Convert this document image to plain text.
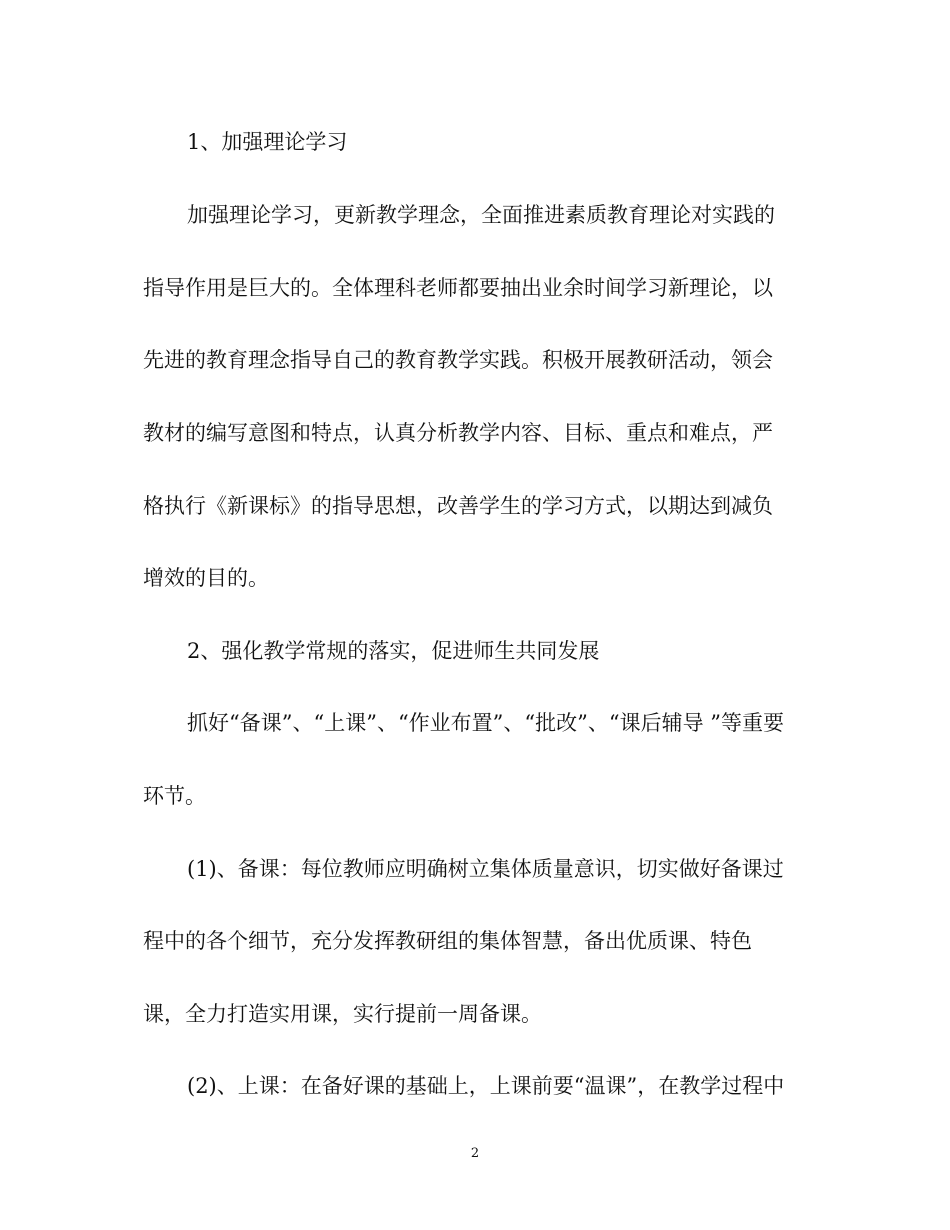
1、加强理论学习
加强理论学习，更新教学理念，全面推进素质教育理论对实践的
指导作用是巨大的。全体理科老师都要抽出业余时间学习新理论，以
先进的教育理念指导自己的教育教学实践。积极开展教研活动，领会
教材的编写意图和特点，认真分析教学内容、目标、重点和难点，严
格执行《新课标》的指导思想，改善学生的学习方式，以期达到减负
增效的目的。
2、强化教学常规的落实，促进师生共同发展
抓好“备课”、“上课”、“作业布置”、“批改”、“课后辅导 ”等重要
环节。
(1)、备课：每位教师应明确树立集体质量意识，切实做好备课过
程中的各个细节，充分发挥教研组的集体智慧，备出优质课、特色
课，全力打造实用课，实行提前一周备课。
(2)、上课：在备好课的基础上，上课前要“温课”，在教学过程中
2
